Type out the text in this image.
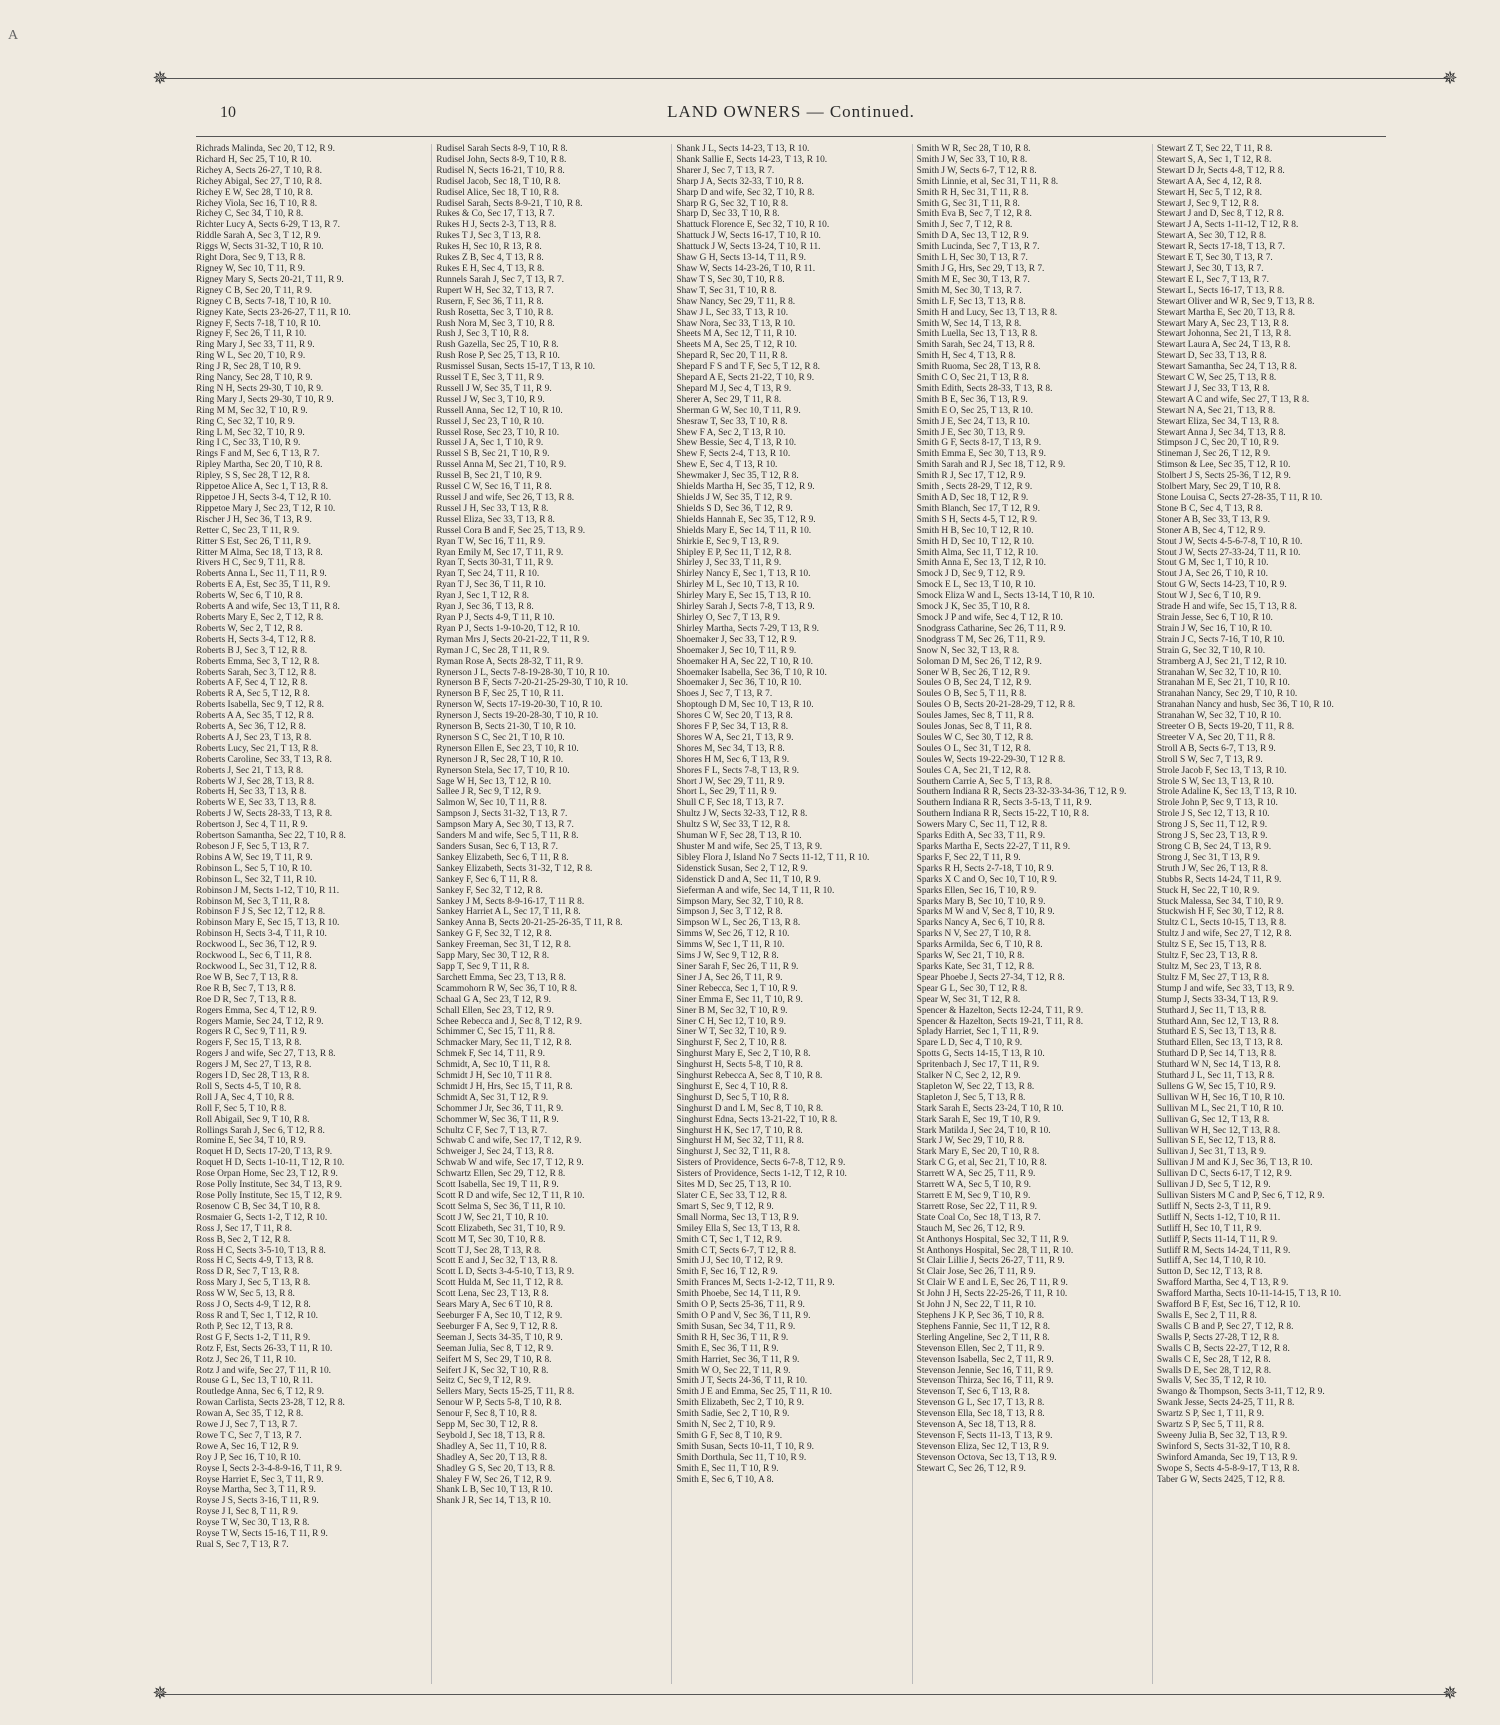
A
✵	✵
✵	✵
10	LAND OWNERS — Continued.
Richrads Malinda, Sec 20, T 12, R 9.
Richard H, Sec 25, T 10, R 10.
Richey A, Sects 26-27, T 10, R 8.
Richey Abigal, Sec 27, T 10, R 8.
Richey E W, Sec 28, T 10, R 8.
Richey Viola, Sec 16, T 10, R 8.
Richey C, Sec 34, T 10, R 8.
Richter Lucy A, Sects 6-29, T 13, R 7.
Riddle Sarah A, Sec 3, T 12, R 9.
Riggs W, Sects 31-32, T 10, R 10.
Right Dora, Sec 9, T 13, R 8.
Rigney W, Sec 10, T 11, R 9.
Rigney Mary S, Sects 20-21, T 11, R 9.
Rigney C B, Sec 20, T 11, R 9.
Rigney C B, Sects 7-18, T 10, R 10.
Rigney Kate, Sects 23-26-27, T 11, R 10.
Rigney F, Sects 7-18, T 10, R 10.
Rigney F, Sec 26, T 11, R 10.
Ring Mary J, Sec 33, T 11, R 9.
Ring W L, Sec 20, T 10, R 9.
Ring J R, Sec 28, T 10, R 9.
Ring Nancy, Sec 28, T 10, R 9.
Ring N H, Sects 29-30, T 10, R 9.
Ring Mary J, Sects 29-30, T 10, R 9.
Ring M M, Sec 32, T 10, R 9.
Ring C, Sec 32, T 10, R 9.
Ring L M, Sec 32, T 10, R 9.
Ring I C, Sec 33, T 10, R 9.
Rings F and M, Sec 6, T 13, R 7.
Ripley Martha, Sec 20, T 10, R 8.
Ripley, S S, Sec 28, T 12, R 8.
Rippetoe Alice A, Sec 1, T 13, R 8.
Rippetoe J H, Sects 3-4, T 12, R 10.
Rippetoe Mary J, Sec 23, T 12, R 10.
Rischer J H, Sec 36, T 13, R 9.
Retter C, Sec 23, T 11, R 9.
Ritter S Est, Sec 26, T 11, R 9.
Ritter M Alma, Sec 18, T 13, R 8.
Rivers H C, Sec 9, T 11, R 8.
Roberts Anna L, Sec 11, T 11, R 9.
Roberts E A, Est, Sec 35, T 11, R 9.
Roberts W, Sec 6, T 10, R 8.
Roberts A and wife, Sec 13, T 11, R 8.
Roberts Mary E, Sec 2, T 12, R 8.
Roberts W, Sec 2, T 12, R 8.
Roberts H, Sects 3-4, T 12, R 8.
Roberts B J, Sec 3, T 12, R 8.
Roberts Emma, Sec 3, T 12, R 8.
Roberts Sarah, Sec 3, T 12, R 8.
Roberts A F, Sec 4, T 12, R 8.
Roberts R A, Sec 5, T 12, R 8.
Roberts Isabella, Sec 9, T 12, R 8.
Roberts A A, Sec 35, T 12, R 8.
Roberts A, Sec 36, T 12, R 8.
Roberts A J, Sec 23, T 13, R 8.
Roberts Lucy, Sec 21, T 13, R 8.
Roberts Caroline, Sec 33, T 13, R 8.
Roberts J, Sec 21, T 13, R 8.
Roberts W J, Sec 28, T 13, R 8.
Roberts H, Sec 33, T 13, R 8.
Roberts W E, Sec 33, T 13, R 8.
Roberts J W, Sects 28-33, T 13, R 8.
Robertson J, Sec 4, T 11, R 9.
Robertson Samantha, Sec 22, T 10, R 8.
Robeson J F, Sec 5, T 13, R 7.
Robins A W, Sec 19, T 11, R 9.
Robinson L, Sec 5, T 10, R 10.
Robinson L, Sec 32, T 11, R 10.
Robinson J M, Sects 1-12, T 10, R 11.
Robinson M, Sec 3, T 11, R 8.
Robinson F J S, Sec 12, T 12, R 8.
Robinson Mary E, Sec 15, T 13, R 10.
Robinson H, Sects 3-4, T 11, R 10.
Rockwood L, Sec 36, T 12, R 9.
Rockwood L, Sec 6, T 11, R 8.
Rockwood L, Sec 31, T 12, R 8.
Roe W B, Sec 7, T 13, R 8.
Roe R B, Sec 7, T 13, R 8.
Roe D R, Sec 7, T 13, R 8.
Rogers Emma, Sec 4, T 12, R 9.
Rogers Mamie, Sec 24, T 12, R 9.
Rogers R C, Sec 9, T 11, R 9.
Rogers F, Sec 15, T 13, R 8.
Rogers J and wife, Sec 27, T 13, R 8.
Rogers J M, Sec 27, T 13, R 8.
Rogers I D, Sec 28, T 13, R 8.
Roll S, Sects 4-5, T 10, R 8.
Roll J A, Sec 4, T 10, R 8.
Roll F, Sec 5, T 10, R 8.
Roll Abigail, Sec 9, T 10, R 8.
Rollings Sarah J, Sec 6, T 12, R 8.
Romine E, Sec 34, T 10, R 9.
Roquet H D, Sects 17-20, T 13, R 9.
Roquet H D, Sects 1-10-11, T 12, R 10.
Rose Orpan Home, Sec 23, T 12, R 9.
Rose Polly Institute, Sec 34, T 13, R 9.
Rose Polly Institute, Sec 15, T 12, R 9.
Rosenow C B, Sec 34, T 10, R 8.
Rosmaier G, Sects 1-2, T 12, R 10.
Ross J, Sec 17, T 11, R 8.
Ross B, Sec 2, T 12, R 8.
Ross H C, Sects 3-5-10, T 13, R 8.
Ross H C, Sects 4-9, T 13, R 8.
Ross D R, Sec 7, T 13, R 8.
Ross Mary J, Sec 5, T 13, R 8.
Ross W W, Sec 5, 13, R 8.
Ross J O, Sects 4-9, T 12, R 8.
Ross R and T, Sec 1, T 12, R 10.
Roth P, Sec 12, T 13, R 8.
Rost G F, Sects 1-2, T 11, R 9.
Rotz F, Est, Sects 26-33, T 11, R 10.
Rotz J, Sec 26, T 11, R 10.
Rotz J and wife, Sec 27, T 11, R 10.
Rouse G L, Sec 13, T 10, R 11.
Routledge Anna, Sec 6, T 12, R 9.
Rowan Carlista, Sects 23-28, T 12, R 8.
Rowan A, Sec 35, T 12, R 8.
Rowe J J, Sec 7, T 13, R 7.
Rowe T C, Sec 7, T 13, R 7.
Rowe A, Sec 16, T 12, R 9.
Roy J P, Sec 16, T 10, R 10.
Royse I, Sects 2-3-4-8-9-16, T 11, R 9.
Royse Harriet E, Sec 3, T 11, R 9.
Royse Martha, Sec 3, T 11, R 9.
Royse J S, Sects 3-16, T 11, R 9.
Royse J I, Sec 8, T 11, R 9.
Royse T W, Sec 30, T 13, R 8.
Royse T W, Sects 15-16, T 11, R 9.
Rual S, Sec 7, T 13, R 7.
Rudisel Sarah Sects 8-9, T 10, R 8.
Rudisel John, Sects 8-9, T 10, R 8.
Rudisel N, Sects 16-21, T 10, R 8.
Rudisel Jacob, Sec 18, T 10, R 8.
Rudisel Alice, Sec 18, T 10, R 8.
Rudisel Sarah, Sects 8-9-21, T 10, R 8.
Rukes & Co, Sec 17, T 13, R 7.
Rukes H J, Sects 2-3, T 13, R 8.
Rukes T J, Sec 3, T 13, R 8.
Rukes H, Sec 10, R 13, R 8.
Rukes Z B, Sec 4, T 13, R 8.
Rukes E H, Sec 4, T 13, R 8.
Runnels Sarah J, Sec 7, T 13, R 7.
Rupert W H, Sec 32, T 13, R 7.
Rusern, F, Sec 36, T 11, R 8.
Rush Rosetta, Sec 3, T 10, R 8.
Rush Nora M, Sec 3, T 10, R 8.
Rush J, Sec 3, T 10, R 8.
Rush Gazella, Sec 25, T 10, R 8.
Rush Rose P, Sec 25, T 13, R 10.
Rusmissel Susan, Sects 15-17, T 13, R 10.
Russel T E, Sec 3, T 11, R 9.
Russell J W, Sec 35, T 11, R 9.
Russel J W, Sec 3, T 10, R 9.
Russell Anna, Sec 12, T 10, R 10.
Russel J, Sec 23, T 10, R 10.
Russel Rose, Sec 23, T 10, R 10.
Russel J A, Sec 1, T 10, R 9.
Russel S B, Sec 21, T 10, R 9.
Russel Anna M, Sec 21, T 10, R 9.
Russel B, Sec 21, T 10, R 9.
Russel C W, Sec 16, T 11, R 8.
Russel J and wife, Sec 26, T 13, R 8.
Russel J H, Sec 33, T 13, R 8.
Russel Eliza, Sec 33, T 13, R 8.
Russel Cora B and F, Sec 25, T 13, R 9.
Ryan T W, Sec 16, T 11, R 9.
Ryan Emily M, Sec 17, T 11, R 9.
Ryan T, Sects 30-31, T 11, R 9.
Ryan T, Sec 24, T 11, R 10.
Ryan T J, Sec 36, T 11, R 10.
Ryan J, Sec 1, T 12, R 8.
Ryan J, Sec 36, T 13, R 8.
Ryan P J, Sects 4-9, T 11, R 10.
Ryan P J, Sects 1-9-10-20, T 12, R 10.
Ryman Mrs J, Sects 20-21-22, T 11, R 9.
Ryman J C, Sec 28, T 11, R 9.
Ryman Rose A, Sects 28-32, T 11, R 9.
Rynerson J L, Sects 7-8-19-28-30, T 10, R 10.
Rynerson B F, Sects 7-20-21-25-29-30, T 10, R 10.
Rynerson B F, Sec 25, T 10, R 11.
Rynerson W, Sects 17-19-20-30, T 10, R 10.
Rynerson J, Sects 19-20-28-30, T 10, R 10.
Rynerson B, Sects 21-30, T 10, R 10.
Rynerson S C, Sec 21, T 10, R 10.
Rynerson Ellen E, Sec 23, T 10, R 10.
Rynerson J R, Sec 28, T 10, R 10.
Rynerson Stela, Sec 17, T 10, R 10.
Sage W H, Sec 13, T 12, R 10.
Sallee J R, Sec 9, T 12, R 9.
Salmon W, Sec 10, T 11, R 8.
Sampson J, Sects 31-32, T 13, R 7.
Sampson Mary A, Sec 30, T 13, R 7.
Sanders M and wife, Sec 5, T 11, R 8.
Sanders Susan, Sec 6, T 13, R 7.
Sankey Elizabeth, Sec 6, T 11, R 8.
Sankey Elizabeth, Sects 31-32, T 12, R 8.
Sankey F, Sec 6, T 11, R 8.
Sankey F, Sec 32, T 12, R 8.
Sankey J M, Sects 8-9-16-17, T 11 R 8.
Sankey Harriet A L, Sec 17, T 11, R 8.
Sankey Anna B, Sects 20-21-25-26-35, T 11, R 8.
Sankey G F, Sec 32, T 12, R 8.
Sankey Freeman, Sec 31, T 12, R 8.
Sapp Mary, Sec 30, T 12, R 8.
Sapp T, Sec 9, T 11, R 8.
Sarchett Emma, Sec 23, T 13, R 8.
Scammohorn R W, Sec 36, T 10, R 8.
Schaal G A, Sec 23, T 12, R 9.
Schall Ellen, Sec 23, T 12, R 9.
Schee Rebecca and J, Sec 8, T 12, R 9.
Schimmer C, Sec 15, T 11, R 8.
Schmacker Mary, Sec 11, T 12, R 8.
Schmek F, Sec 14, T 11, R 9.
Schmidt, A, Sec 10, T 11, R 8.
Schmidt J H, Sec 10, T 11 R 8.
Schmidt J H, Hrs, Sec 15, T 11, R 8.
Schmidt A, Sec 31, T 12, R 9.
Schommer J Jr, Sec 36, T 11, R 9.
Schommer W, Sec 36, T 11, R 9.
Schultz C F, Sec 7, T 13, R 7.
Schwab C and wife, Sec 17, T 12, R 9.
Schweiger J, Sec 24, T 13, R 8.
Schwab W and wife, Sec 17, T 12, R 9.
Schwartz Ellen, Sec 29, T 12, R 8.
Scott Isabella, Sec 19, T 11, R 9.
Scott R D and wife, Sec 12, T 11, R 10.
Scott Selma S, Sec 36, T 11, R 10.
Scott J W, Sec 21, T 10, R 10.
Scott Elizabeth, Sec 31, T 10, R 9.
Scott M T, Sec 30, T 10, R 8.
Scott T J, Sec 28, T 13, R 8.
Scott E and J, Sec 32, T 13, R 8.
Scott L D, Sects 3-4-5-10, T 13, R 9.
Scott Hulda M, Sec 11, T 12, R 8.
Scott Lena, Sec 23, T 13, R 8.
Sears Mary A, Sec 6 T 10, R 8.
Seeburger F A, Sec 10, T 12, R 9.
Seeburger F A, Sec 9, T 12, R 8.
Seeman J, Sects 34-35, T 10, R 9.
Seeman Julia, Sec 8, T 12, R 9.
Seifert M S, Sec 29, T 10, R 8.
Seifert J K, Sec 32, T 10, R 8.
Seitz C, Sec 9, T 12, R 9.
Sellers Mary, Sects 15-25, T 11, R 8.
Senour W P, Sects 5-8, T 10, R 8.
Senour F, Sec 8, T 10, R 8.
Sepp M, Sec 30, T 12, R 8.
Seybold J, Sec 18, T 13, R 8.
Shadley A, Sec 11, T 10, R 8.
Shadley A, Sec 20, T 13, R 8.
Shadley G S, Sec 20, T 13, R 8.
Shaley F W, Sec 26, T 12, R 9.
Shank L B, Sec 10, T 13, R 10.
Shank J R, Sec 14, T 13, R 10.
Shank J L, Sects 14-23, T 13, R 10.
Shank Sallie E, Sects 14-23, T 13, R 10.
Sharer J, Sec 7, T 13, R 7.
Sharp J A, Sects 32-33, T 10, R 8.
Sharp D and wife, Sec 32, T 10, R 8.
Sharp R G, Sec 32, T 10, R 8.
Sharp D, Sec 33, T 10, R 8.
Shattuck Florence E, Sec 32, T 10, R 10.
Shattuck J W, Sects 16-17, T 10, R 10.
Shattuck J W, Sects 13-24, T 10, R 11.
Shaw G H, Sects 13-14, T 11, R 9.
Shaw W, Sects 14-23-26, T 10, R 11.
Shaw T S, Sec 30, T 10, R 8.
Shaw T, Sec 31, T 10, R 8.
Shaw Nancy, Sec 29, T 11, R 8.
Shaw J L, Sec 33, T 13, R 10.
Shaw Nora, Sec 33, T 13, R 10.
Sheets M A, Sec 12, T 11, R 10.
Sheets M A, Sec 25, T 12, R 10.
Shepard R, Sec 20, T 11, R 8.
Shepard F S and T F, Sec 5, T 12, R 8.
Shepard A E, Sects 21-22, T 10, R 9.
Shepard M J, Sec 4, T 13, R 9.
Sherer A, Sec 29, T 11, R 8.
Sherman G W, Sec 10, T 11, R 9.
Shesraw T, Sec 33, T 10, R 8.
Shew F A, Sec 2, T 13, R 10.
Shew Bessie, Sec 4, T 13, R 10.
Shew F, Sects 2-4, T 13, R 10.
Shew E, Sec 4, T 13, R 10.
Shewmaker J, Sec 35, T 12, R 8.
Shields Martha H, Sec 35, T 12, R 9.
Shields J W, Sec 35, T 12, R 9.
Shields S D, Sec 36, T 12, R 9.
Shields Hannah E, Sec 35, T 12, R 9.
Shields Mary E, Sec 14, T 11, R 10.
Shirkie E, Sec 9, T 13, R 9.
Shipley E P, Sec 11, T 12, R 8.
Shirley J, Sec 33, T 11, R 9.
Shirley Nancy E, Sec 1, T 13, R 10.
Shirley M L, Sec 10, T 13, R 10.
Shirley Mary E, Sec 15, T 13, R 10.
Shirley Sarah J, Sects 7-8, T 13, R 9.
Shirley O, Sec 7, T 13, R 9.
Shirley Martha, Sects 7-29, T 13, R 9.
Shoemaker J, Sec 33, T 12, R 9.
Shoemaker J, Sec 10, T 11, R 9.
Shoemaker H A, Sec 22, T 10, R 10.
Shoemaker Isabella, Sec 36, T 10, R 10.
Shoemaker J, Sec 36, T 10, R 10.
Shoes J, Sec 7, T 13, R 7.
Shoptough D M, Sec 10, T 13, R 10.
Shores C W, Sec 20, T 13, R 8.
Shores F P, Sec 34, T 13, R 8.
Shores W A, Sec 21, T 13, R 9.
Shores M, Sec 34, T 13, R 8.
Shores H M, Sec 6, T 13, R 9.
Shores F L, Sects 7-8, T 13, R 9.
Short J W, Sec 29, T 11, R 9.
Short L, Sec 29, T 11, R 9.
Shull C F, Sec 18, T 13, R 7.
Shultz J W, Sects 32-33, T 12, R 8.
Shultz S W, Sec 33, T 12, R 8.
Shuman W F, Sec 28, T 13, R 10.
Shuster M and wife, Sec 25, T 13, R 9.
Sibley Flora J, Island No 7 Sects 11-12, T 11, R 10.
Sidenstick Susan, Sec 2, T 12, R 9.
Sidenstick D and A, Sec 11, T 10, R 9.
Sieferman A and wife, Sec 14, T 11, R 10.
Simpson Mary, Sec 32, T 10, R 8.
Simpson J, Sec 3, T 12, R 8.
Simpson W L, Sec 26, T 13, R 8.
Simms W, Sec 26, T 12, R 10.
Simms W, Sec 1, T 11, R 10.
Sims J W, Sec 9, T 12, R 8.
Siner Sarah F, Sec 26, T 11, R 9.
Siner J A, Sec 26, T 11, R 9.
Siner Rebecca, Sec 1, T 10, R 9.
Siner Emma E, Sec 11, T 10, R 9.
Siner B M, Sec 32, T 10, R 9.
Siner C H, Sec 12, T 10, R 9.
Siner W T, Sec 32, T 10, R 9.
Singhurst F, Sec 2, T 10, R 8.
Singhurst Mary E, Sec 2, T 10, R 8.
Singhurst H, Sects 5-8, T 10, R 8.
Singhurst Rebecca A, Sec 8, T 10, R 8.
Singhurst E, Sec 4, T 10, R 8.
Singhurst D, Sec 5, T 10, R 8.
Singhurst D and L M, Sec 8, T 10, R 8.
Singhurst Edna, Sects 13-21-22, T 10, R 8.
Singhurst H K, Sec 17, T 10, R 8.
Singhurst H M, Sec 32, T 11, R 8.
Singhurst J, Sec 32, T 11, R 8.
Sisters of Providence, Sects 6-7-8, T 12, R 9.
Sisters of Providence, Sects 1-12, T 12, R 10.
Sites M D, Sec 25, T 13, R 10.
Slater C E, Sec 33, T 12, R 8.
Smart S, Sec 9, T 12, R 9.
Small Norma, Sec 13, T 13, R 9.
Smiley Ella S, Sec 13, T 13, R 8.
Smith C T, Sec 1, T 12, R 9.
Smith C T, Sects 6-7, T 12, R 8.
Smith J J, Sec 10, T 12, R 9.
Smith F, Sec 16, T 12, R 9.
Smith Frances M, Sects 1-2-12, T 11, R 9.
Smith Phoebe, Sec 14, T 11, R 9.
Smith O P, Sects 25-36, T 11, R 9.
Smith O P and V, Sec 36, T 11, R 9.
Smith Susan, Sec 34, T 11, R 9.
Smith R H, Sec 36, T 11, R 9.
Smith E, Sec 36, T 11, R 9.
Smith Harriet, Sec 36, T 11, R 9.
Smith W O, Sec 22, T 11, R 9.
Smith J T, Sects 24-36, T 11, R 10.
Smith J E and Emma, Sec 25, T 11, R 10.
Smith Elizabeth, Sec 2, T 10, R 9.
Smith Sadie, Sec 2, T 10, R 9.
Smith N, Sec 2, T 10, R 9.
Smith G F, Sec 8, T 10, R 9.
Smith Susan, Sects 10-11, T 10, R 9.
Smith Dorthula, Sec 11, T 10, R 9.
Smith E, Sec 11, T 10, R 9.
Smith E, Sec 6, T 10, A 8.
Smith W R, Sec 28, T 10, R 8.
Smith J W, Sec 33, T 10, R 8.
Smith J W, Sects 6-7, T 12, R 8.
Smith Linnie, et al, Sec 31, T 11, R 8.
Smith R H, Sec 31, T 11, R 8.
Smith G, Sec 31, T 11, R 8.
Smith Eva B, Sec 7, T 12, R 8.
Smith J, Sec 7, T 12, R 8.
Smith D A, Sec 13, T 12, R 9.
Smith Lucinda, Sec 7, T 13, R 7.
Smith L H, Sec 30, T 13, R 7.
Smith J G, Hrs, Sec 29, T 13, R 7.
Smith M E, Sec 30, T 13, R 7.
Smith M, Sec 30, T 13, R 7.
Smith L F, Sec 13, T 13, R 8.
Smith H and Lucy, Sec 13, T 13, R 8.
Smith W, Sec 14, T 13, R 8.
Smith Luella, Sec 13, T 13, R 8.
Smith Sarah, Sec 24, T 13, R 8.
Smith H, Sec 4, T 13, R 8.
Smith Ruoma, Sec 28, T 13, R 8.
Smith C O, Sec 21, T 13, R 8.
Smith Edith, Sects 28-33, T 13, R 8.
Smith B E, Sec 36, T 13, R 9.
Smith E O, Sec 25, T 13, R 10.
Smith J E, Sec 24, T 13, R 10.
Smith J E, Sec 30, T 13, R 9.
Smith G F, Sects 8-17, T 13, R 9.
Smith Emma E, Sec 30, T 13, R 9.
Smith Sarah and R J, Sec 18, T 12, R 9.
Smith R J, Sec 17, T 12, R 9.
Smith , Sects 28-29, T 12, R 9.
Smith A D, Sec 18, T 12, R 9.
Smith Blanch, Sec 17, T 12, R 9.
Smith S H, Sects 4-5, T 12, R 9.
Smith H B, Sec 10, T 12, R 10.
Smith H D, Sec 10, T 12, R 10.
Smith Alma, Sec 11, T 12, R 10.
Smith Anna E, Sec 13, T 12, R 10.
Smock J D, Sec 9, T 12, R 9.
Smock E L, Sec 13, T 10, R 10.
Smock Eliza W and L, Sects 13-14, T 10, R 10.
Smock J K, Sec 35, T 10, R 8.
Smock J P and wife, Sec 4, T 12, R 10.
Snodgrass Catharine, Sec 26, T 11, R 9.
Snodgrass T M, Sec 26, T 11, R 9.
Snow N, Sec 32, T 13, R 8.
Soloman D M, Sec 26, T 12, R 9.
Soner W B, Sec 26, T 12, R 9.
Soules O B, Sec 24, T 12, R 9.
Soules O B, Sec 5, T 11, R 8.
Soules O B, Sects 20-21-28-29, T 12, R 8.
Soules James, Sec 8, T 11, R 8.
Soules Jonas, Sec 8, T 11, R 8.
Soules W C, Sec 30, T 12, R 8.
Soules O L, Sec 31, T 12, R 8.
Soules W, Sects 19-22-29-30, T 12 R 8.
Soules C A, Sec 21, T 12, R 8.
Southern Carrie A, Sec 5, T 13, R 8.
Southern Indiana R R, Sects 23-32-33-34-36, T 12, R 9.
Southern Indiana R R, Sects 3-5-13, T 11, R 9.
Southern Indiana R R, Sects 15-22, T 10, R 8.
Sowers Mary C, Sec 11, T 12, R 8.
Sparks Edith A, Sec 33, T 11, R 9.
Sparks Martha E, Sects 22-27, T 11, R 9.
Sparks F, Sec 22, T 11, R 9.
Sparks R H, Sects 2-7-18, T 10, R 9.
Sparks X C and O, Sec 10, T 10, R 9.
Sparks Ellen, Sec 16, T 10, R 9.
Sparks Mary B, Sec 10, T 10, R 9.
Sparks M W and V, Sec 8, T 10, R 9.
Sparks Nancy A, Sec 6, T 10, R 8.
Sparks N V, Sec 27, T 10, R 8.
Sparks Armilda, Sec 6, T 10, R 8.
Sparks W, Sec 21, T 10, R 8.
Sparks Kate, Sec 31, T 12, R 8.
Spear Phoebe J, Sects 27-34, T 12, R 8.
Spear G L, Sec 30, T 12, R 8.
Spear W, Sec 31, T 12, R 8.
Spencer & Hazelton, Sects 12-24, T 11, R 9.
Spencer & Hazelton, Sects 19-21, T 11, R 8.
Splady Harriet, Sec 1, T 11, R 9.
Spare L D, Sec 4, T 10, R 9.
Spotts G, Sects 14-15, T 13, R 10.
Spritenbach J, Sec 17, T 11, R 9.
Stalker N C, Sec 2, 12, R 9.
Stapleton W, Sec 22, T 13, R 8.
Stapleton J, Sec 5, T 13, R 8.
Stark Sarah E, Sects 23-24, T 10, R 10.
Stark Sarah E, Sec 19, T 10, R 9.
Stark Matilda J, Sec 24, T 10, R 10.
Stark J W, Sec 29, T 10, R 8.
Stark Mary E, Sec 20, T 10, R 8.
Stark C G, et al, Sec 21, T 10, R 8.
Starrett W A, Sec 25, T 11, R 9.
Starrett W A, Sec 5, T 10, R 9.
Starrett E M, Sec 9, T 10, R 9.
Starrett Rose, Sec 22, T 11, R 9.
State Coal Co, Sec 18, T 13, R 7.
Stauch M, Sec 26, T 12, R 9.
St Anthonys Hospital, Sec 32, T 11, R 9.
St Anthonys Hospital, Sec 28, T 11, R 10.
St Clair Lillie J, Sects 26-27, T 11, R 9.
St Clair Jose, Sec 26, T 11, R 9.
St Clair W E and L E, Sec 26, T 11, R 9.
St John J H, Sects 22-25-26, T 11, R 10.
St John J N, Sec 22, T 11, R 10.
Stephens J K P, Sec 36, T 10, R 8.
Stephens Fannie, Sec 11, T 12, R 8.
Sterling Angeline, Sec 2, T 11, R 8.
Stevenson Ellen, Sec 2, T 11, R 9.
Stevenson Isabella, Sec 2, T 11, R 9.
Stevenson Jennie, Sec 16, T 11, R 9.
Stevenson Thirza, Sec 16, T 11, R 9.
Stevenson T, Sec 6, T 13, R 8.
Stevenson G L, Sec 17, T 13, R 8.
Stevenson Ella, Sec 18, T 13, R 8.
Stevenson A, Sec 18, T 13, R 8.
Stevenson F, Sects 11-13, T 13, R 9.
Stevenson Eliza, Sec 12, T 13, R 9.
Stevenson Octova, Sec 13, T 13, R 9.
Stewart C, Sec 26, T 12, R 9.
Stewart Z T, Sec 22, T 11, R 8.
Stewart S, A, Sec 1, T 12, R 8.
Stewart D Jr, Sects 4-8, T 12, R 8.
Stewart A A, Sec 4, 12, R 8.
Stewart H, Sec 5, T 12, R 8.
Stewart J, Sec 9, T 12, R 8.
Stewart J and D, Sec 8, T 12, R 8.
Stewart J A, Sects 1-11-12, T 12, R 8.
Stewart A, Sec 30, T 12, R 8.
Stewart R, Sects 17-18, T 13, R 7.
Stewart E T, Sec 30, T 13, R 7.
Stewart J, Sec 30, T 13, R 7.
Stewart E L, Sec 7, T 13, R 7.
Stewart L, Sects 16-17, T 13, R 8.
Stewart Oliver and W R, Sec 9, T 13, R 8.
Stewart Martha E, Sec 20, T 13, R 8.
Stewart Mary A, Sec 23, T 13, R 8.
Stewart Johonna, Sec 21, T 13, R 8.
Stewart Laura A, Sec 24, T 13, R 8.
Stewart D, Sec 33, T 13, R 8.
Stewart Samantha, Sec 24, T 13, R 8.
Stewart C W, Sec 25, T 13, R 8.
Stewart J J, Sec 33, T 13, R 8.
Stewart A C and wife, Sec 27, T 13, R 8.
Stewart N A, Sec 21, T 13, R 8.
Stewart Eliza, Sec 34, T 13, R 8.
Stewart Anna J, Sec 34, T 13, R 8.
Stimpson J C, Sec 20, T 10, R 9.
Stineman J, Sec 26, T 12, R 9.
Stimson & Lee, Sec 35, T 12, R 10.
Stolbert J S, Sects 25-36, T 12, R 9.
Stolbert Mary, Sec 29, T 10, R 8.
Stone Louisa C, Sects 27-28-35, T 11, R 10.
Stone B C, Sec 4, T 13, R 8.
Stoner A B, Sec 33, T 13, R 9.
Stoner A B, Sec 4, T 12, R 9.
Stout J W, Sects 4-5-6-7-8, T 10, R 10.
Stout J W, Sects 27-33-24, T 11, R 10.
Stout G M, Sec 1, T 10, R 10.
Stout J A, Sec 26, T 10, R 10.
Stout G W, Sects 14-23, T 10, R 9.
Stout W J, Sec 6, T 10, R 9.
Strade H and wife, Sec 15, T 13, R 8.
Strain Jesse, Sec 6, T 10, R 10.
Strain J W, Sec 16, T 10, R 10.
Strain J C, Sects 7-16, T 10, R 10.
Strain G, Sec 32, T 10, R 10.
Stramberg A J, Sec 21, T 12, R 10.
Stranahan W, Sec 32, T 10, R 10.
Stranahan M E, Sec 21, T 10, R 10.
Stranahan Nancy, Sec 29, T 10, R 10.
Stranahan Nancy and husb, Sec 36, T 10, R 10.
Stranahan W, Sec 32, T 10, R 10.
Streeter O B, Sects 19-20, T 11, R 8.
Streeter V A, Sec 20, T 11, R 8.
Stroll A B, Sects 6-7, T 13, R 9.
Stroll S W, Sec 7, T 13, R 9.
Strole Jacob F, Sec 13, T 13, R 10.
Strole S W, Sec 13, T 13, R 10.
Strole Adaline K, Sec 13, T 13, R 10.
Strole John P, Sec 9, T 13, R 10.
Strole J S, Sec 12, T 13, R 10.
Strong J S, Sec 11, T 12, R 9.
Strong J S, Sec 23, T 13, R 9.
Strong C B, Sec 24, T 13, R 9.
Strong J, Sec 31, T 13, R 9.
Struth J W, Sec 26, T 13, R 8.
Stubbs R, Sects 14-24, T 11, R 9.
Stuck H, Sec 22, T 10, R 9.
Stuck Malessa, Sec 34, T 10, R 9.
Stuckwish H F, Sec 30, T 12, R 8.
Stultz C L, Sects 10-15, T 13, R 8.
Stultz J and wife, Sec 27, T 12, R 8.
Stultz S E, Sec 15, T 13, R 8.
Stultz F, Sec 23, T 13, R 8.
Stultz M, Sec 23, T 13, R 8.
Stultz F M, Sec 27, T 13, R 8.
Stump J and wife, Sec 33, T 13, R 9.
Stump J, Sects 33-34, T 13, R 9.
Stuthard J, Sec 11, T 13, R 8.
Stuthard Ann, Sec 12, T 13, R 8.
Stuthard E S, Sec 13, T 13, R 8.
Stuthard Ellen, Sec 13, T 13, R 8.
Stuthard D P, Sec 14, T 13, R 8.
Stuthard W N, Sec 14, T 13, R 8.
Stuthard J L, Sec 11, T 13, R 8.
Sullens G W, Sec 15, T 10, R 9.
Sullivan W H, Sec 16, T 10, R 10.
Sullivan M L, Sec 21, T 10, R 10.
Sullivan G, Sec 12, T 13, R 8.
Sullivan W H, Sec 12, T 13, R 8.
Sullivan S E, Sec 12, T 13, R 8.
Sullivan J, Sec 31, T 13, R 9.
Sullivan J M and K J, Sec 36, T 13, R 10.
Sullivan D C, Sects 6-17, T 12, R 9.
Sullivan J D, Sec 5, T 12, R 9.
Sullivan Sisters M C and P, Sec 6, T 12, R 9.
Sutliff N, Sects 2-3, T 11, R 9.
Sutliff N, Sects 1-12, T 10, R 11.
Sutliff H, Sec 10, T 11, R 9.
Sutliff P, Sects 11-14, T 11, R 9.
Sutliff R M, Sects 14-24, T 11, R 9.
Sutliff A, Sec 14, T 10, R 10.
Sutton D, Sec 12, T 13, R 8.
Swafford Martha, Sec 4, T 13, R 9.
Swafford Martha, Sects 10-11-14-15, T 13, R 10.
Swafford B F, Est, Sec 16, T 12, R 10.
Swalls E, Sec 2, T 11, R 8.
Swalls C B and P, Sec 27, T 12, R 8.
Swalls P, Sects 27-28, T 12, R 8.
Swalls C B, Sects 22-27, T 12, R 8.
Swalls C E, Sec 28, T 12, R 8.
Swalls D E, Sec 28, T 12, R 8.
Swalls V, Sec 35, T 12, R 10.
Swango & Thompson, Sects 3-11, T 12, R 9.
Swank Jesse, Sects 24-25, T 11, R 8.
Swartz S P, Sec 1, T 11, R 9.
Swartz S P, Sec 5, T 11, R 8.
Sweeny Julia B, Sec 32, T 13, R 9.
Swinford S, Sects 31-32, T 10, R 8.
Swinford Amanda, Sec 19, T 13, R 9.
Swope S, Sects 4-5-8-9-17, T 13, R 8.
Taber G W, Sects 2425, T 12, R 8.
